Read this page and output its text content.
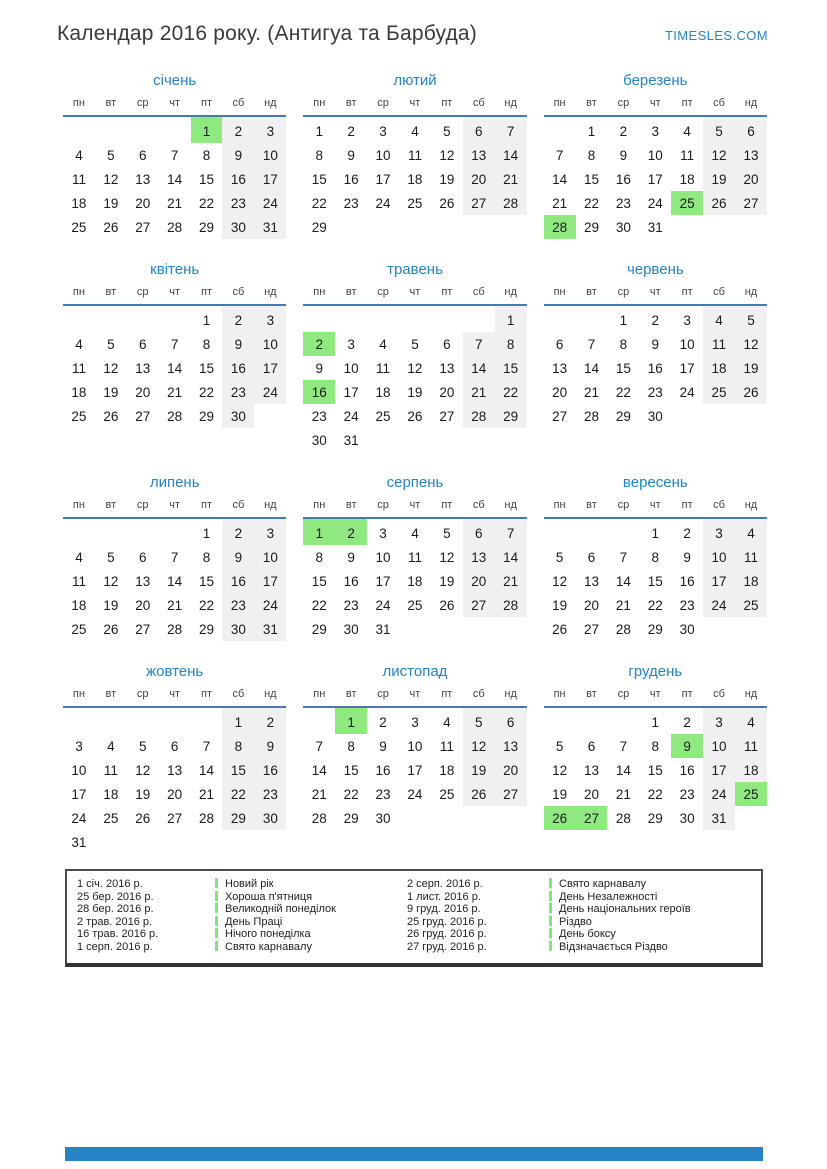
Календар 2016 року. (Антигуа та Барбуда)	TIMESLES.COM
січень
пн	вт	ср	чт	пт	сб	нд
				1	2	3
4	5	6	7	8	9	10
11	12	13	14	15	16	17
18	19	20	21	22	23	24
25	26	27	28	29	30	31
лютий
пн	вт	ср	чт	пт	сб	нд
1	2	3	4	5	6	7
8	9	10	11	12	13	14
15	16	17	18	19	20	21
22	23	24	25	26	27	28
29						
березень
пн	вт	ср	чт	пт	сб	нд
	1	2	3	4	5	6
7	8	9	10	11	12	13
14	15	16	17	18	19	20
21	22	23	24	25	26	27
28	29	30	31			
квітень
пн	вт	ср	чт	пт	сб	нд
				1	2	3
4	5	6	7	8	9	10
11	12	13	14	15	16	17
18	19	20	21	22	23	24
25	26	27	28	29	30	
травень
пн	вт	ср	чт	пт	сб	нд
						1
2	3	4	5	6	7	8
9	10	11	12	13	14	15
16	17	18	19	20	21	22
23	24	25	26	27	28	29
30	31					
червень
пн	вт	ср	чт	пт	сб	нд
		1	2	3	4	5
6	7	8	9	10	11	12
13	14	15	16	17	18	19
20	21	22	23	24	25	26
27	28	29	30			
липень
пн	вт	ср	чт	пт	сб	нд
				1	2	3
4	5	6	7	8	9	10
11	12	13	14	15	16	17
18	19	20	21	22	23	24
25	26	27	28	29	30	31
серпень
пн	вт	ср	чт	пт	сб	нд
1	2	3	4	5	6	7
8	9	10	11	12	13	14
15	16	17	18	19	20	21
22	23	24	25	26	27	28
29	30	31				
вересень
пн	вт	ср	чт	пт	сб	нд
			1	2	3	4
5	6	7	8	9	10	11
12	13	14	15	16	17	18
19	20	21	22	23	24	25
26	27	28	29	30		
жовтень
пн	вт	ср	чт	пт	сб	нд
					1	2
3	4	5	6	7	8	9
10	11	12	13	14	15	16
17	18	19	20	21	22	23
24	25	26	27	28	29	30
31						
листопад
пн	вт	ср	чт	пт	сб	нд
	1	2	3	4	5	6
7	8	9	10	11	12	13
14	15	16	17	18	19	20
21	22	23	24	25	26	27
28	29	30				
грудень
пн	вт	ср	чт	пт	сб	нд
			1	2	3	4
5	6	7	8	9	10	11
12	13	14	15	16	17	18
19	20	21	22	23	24	25
26	27	28	29	30	31	
1 січ. 2016 р.	Новий рік	2 серп. 2016 р.	Свято карнавалу
25 бер. 2016 р.	Хороша п'ятниця	1 лист. 2016 р.	День Незалежності
28 бер. 2016 р.	Великодній понеділок	9 груд. 2016 р.	День національних героїв
2 трав. 2016 р.	День Праці	25 груд. 2016 р.	Різдво
16 трав. 2016 р.	Нічого понеділка	26 груд. 2016 р.	День боксу
1 серп. 2016 р.	Свято карнавалу	27 груд. 2016 р.	Відзначається Різдво
